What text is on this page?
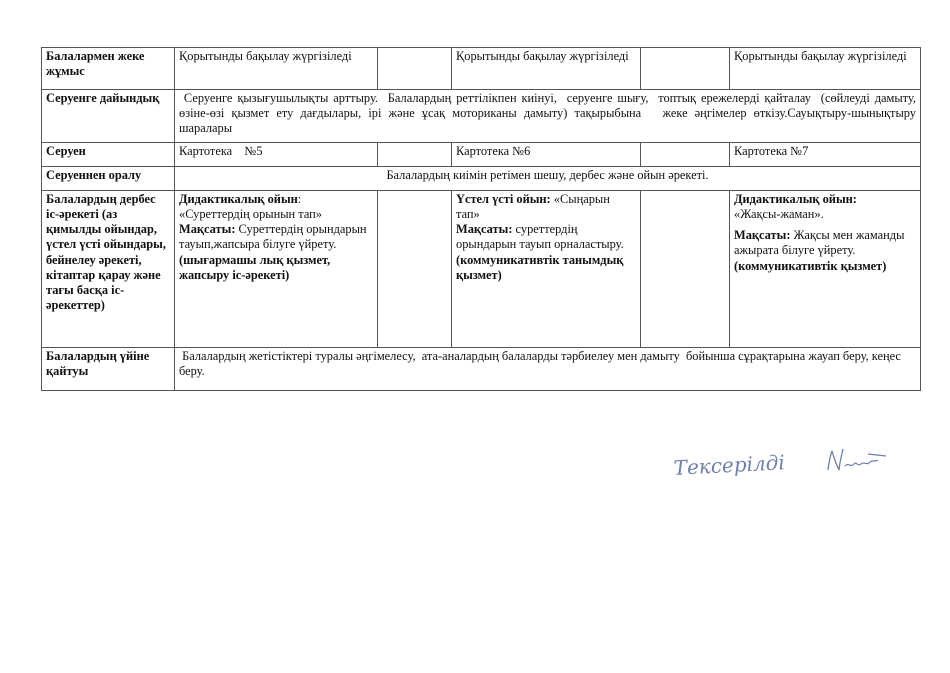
Балалармен жеке жұмыс	Қорытынды бақылау жүргізіледі		Қорытынды бақылау жүргізіледі		Қорытынды бақылау жүргізіледі
Серуенге дайындық	Серуенге қызығушылықты арттыру.  Балалардың реттілікпен киінуі,  серуенге шығу,  топтық ережелерді қайталау  (сөйлеуді дамыту, өзіне-өзі қызмет ету дағдылары, ірі және ұсақ моториканы дамыту) тақырыбына   жеке әңгімелер өткізу.Сауықтыру-шынықтыру шаралары				
Серуен	Картотека    №5		Картотека №6		Картотека №7
Серуеннен оралу	Балалардың киімін ретімен шешу, дербес және ойын әрекеті.				
Балалардың дербес іс-әрекеті (аз қимылды ойындар, үстел үсті ойындары, бейнелеу әрекеті, кітаптар қарау және тағы басқа іс-әрекеттер)	Дидактикалық ойын:
«Суреттердің орынын тап»
Мақсаты: Суреттердің орындарын тауып,жапсыра білуге үйрету.
(шығармашы лық қызмет, жапсыру іс-әрекеті)		Үстел үсті ойын: «Сыңарын тап»
Мақсаты: суреттердің орындарын тауып орналастыру.
(коммуникативтік танымдық қызмет)		Дидактикалық ойын:
«Жақсы-жаман».

Мақсаты: Жақсы мен жаманды ажырата білуге үйрету.(коммуникативтік қызмет)

Балалардың үйіне қайтуы	Балалардың жетістіктері туралы әңгімелесу,  ата-аналардың балаларды тәрбиелеу мен дамыту  бойынша сұрақтарына жауап беру, кеңес беру.				
Тексерілді
